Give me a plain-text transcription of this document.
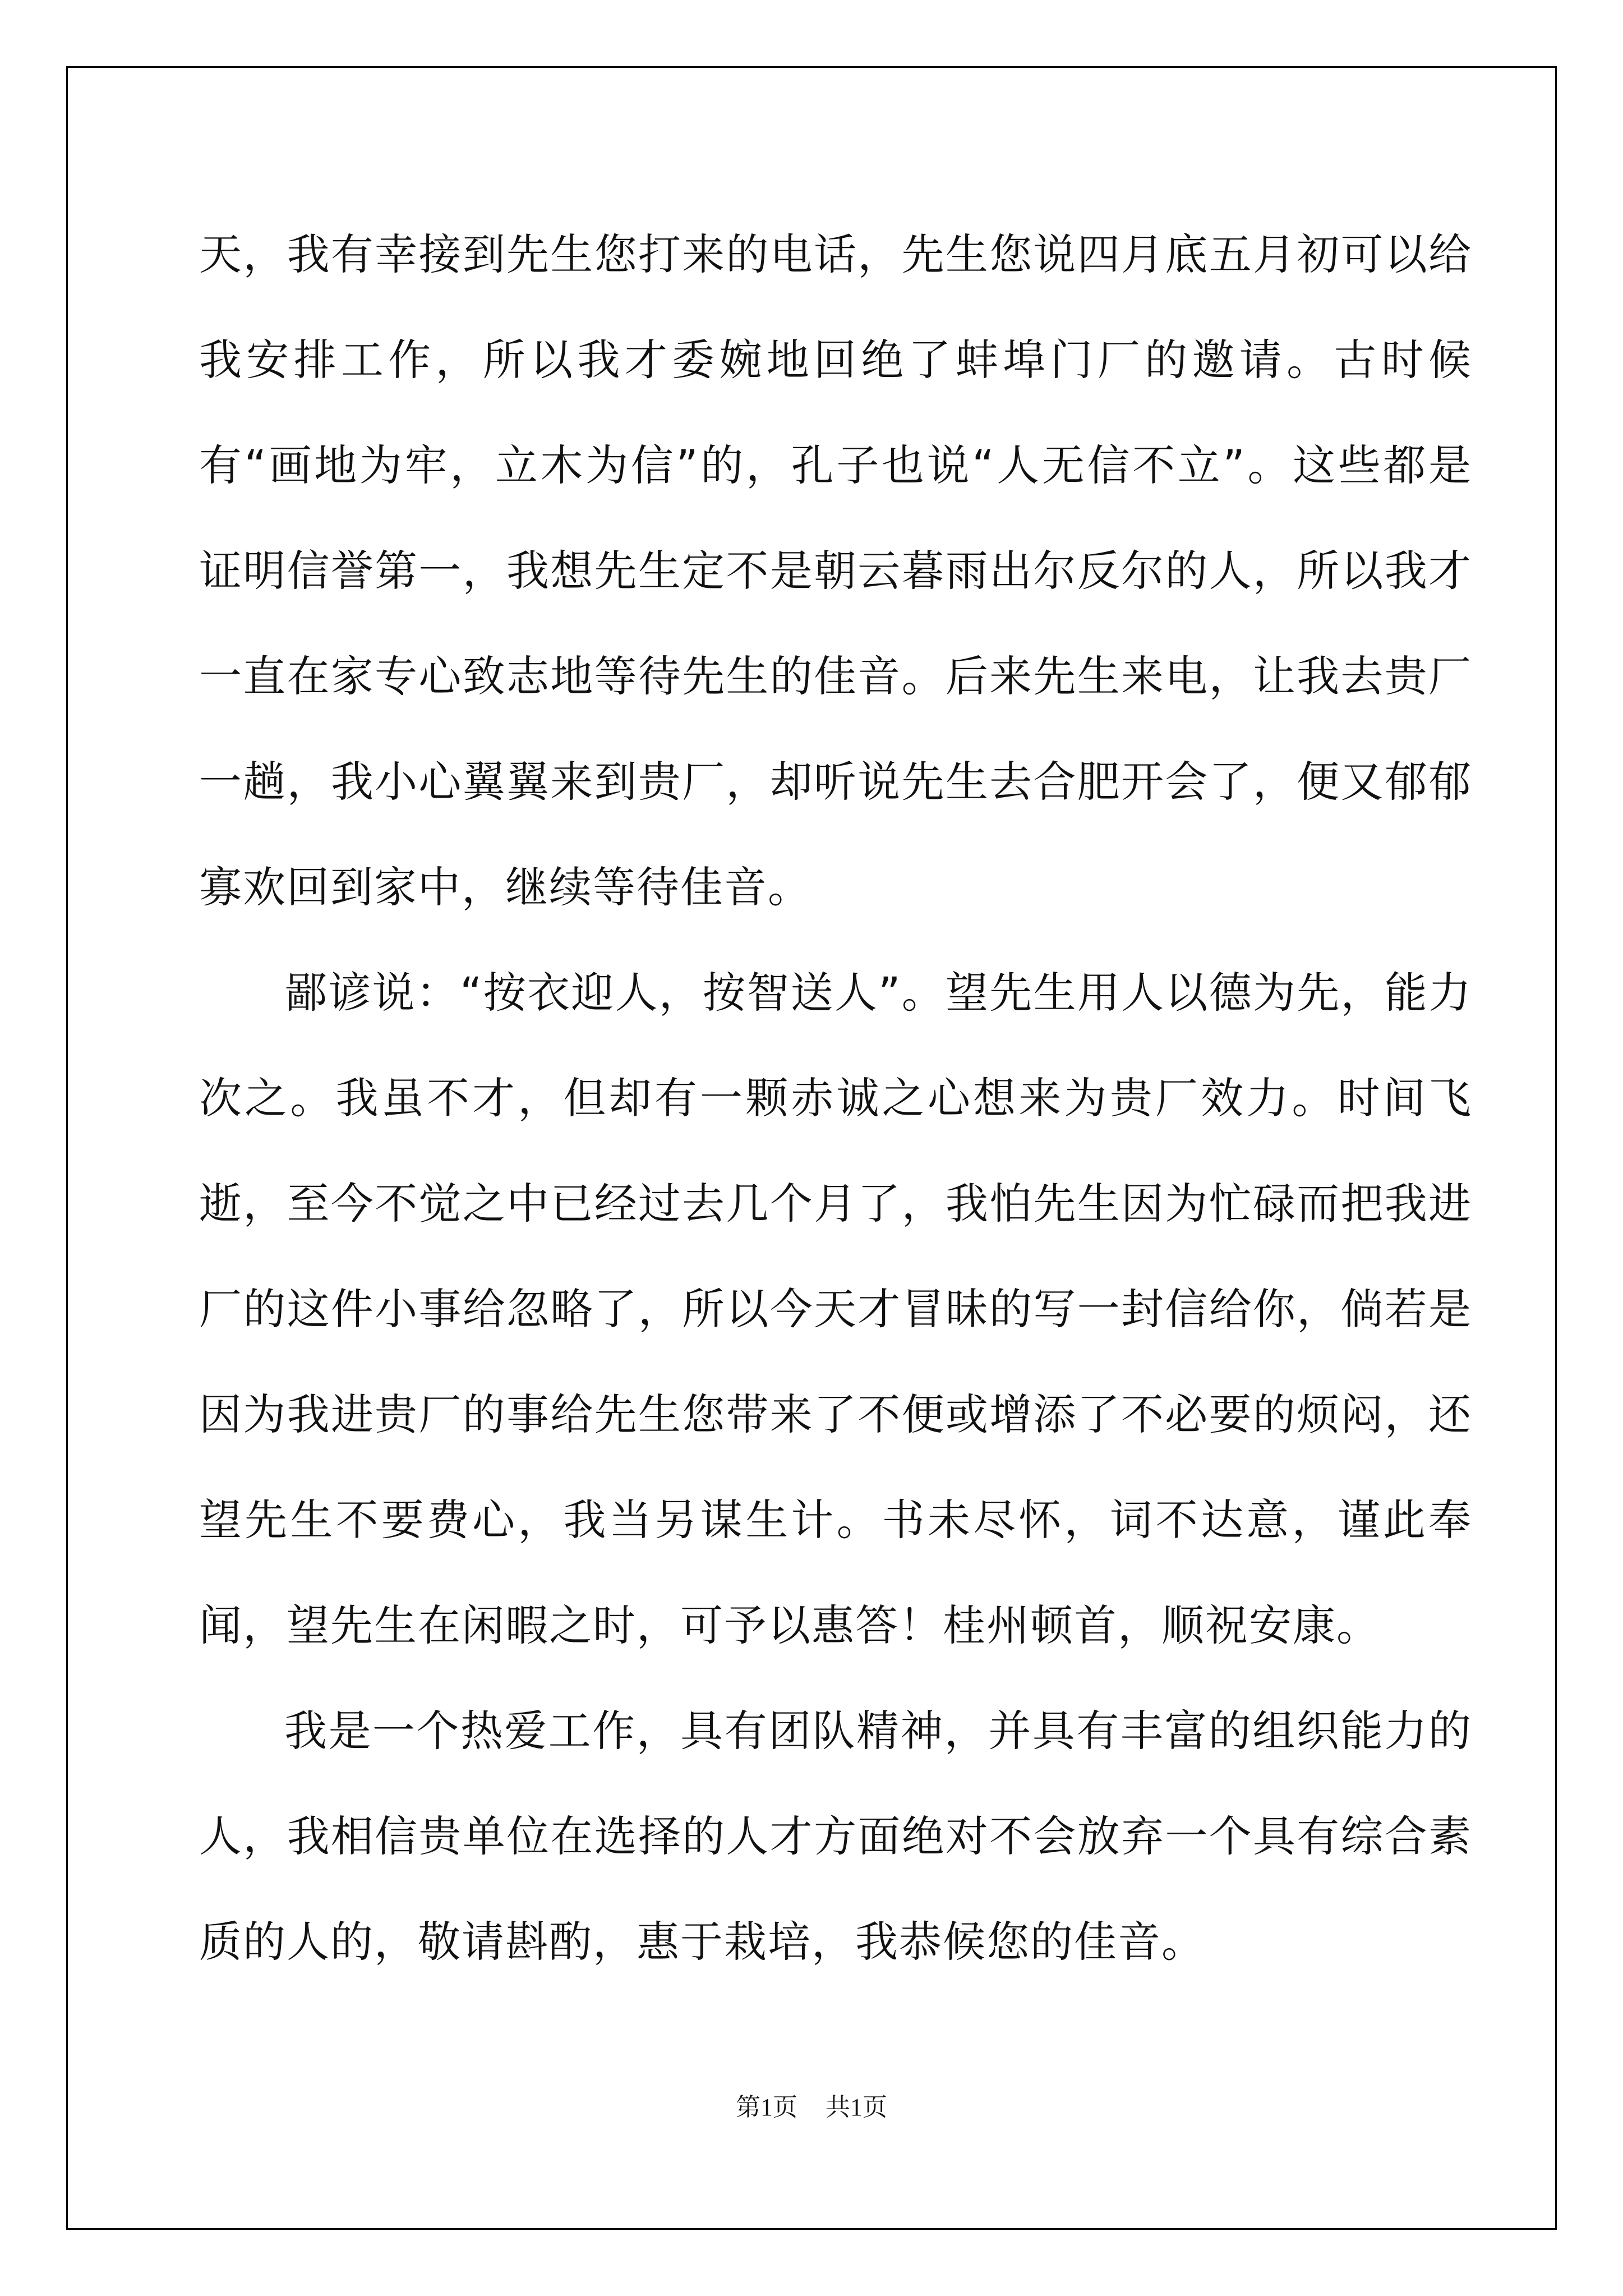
天，我有幸接到先生您打来的电话，先生您说四月底五月初可以给我安排工作，所以我才委婉地回绝了蚌埠门厂的邀请。古时候有“画地为牢，立木为信”的，孔子也说“人无信不立”。这些都是证明信誉第一，我想先生定不是朝云暮雨出尔反尔的人，所以我才一直在家专心致志地等待先生的佳音。后来先生来电，让我去贵厂一趟，我小心翼翼来到贵厂，却听说先生去合肥开会了，便又郁郁寡欢回到家中，继续等待佳音。

鄙谚说：“按衣迎人，按智送人”。望先生用人以德为先，能力次之。我虽不才，但却有一颗赤诚之心想来为贵厂效力。时间飞逝，至今不觉之中已经过去几个月了，我怕先生因为忙碌而把我进厂的这件小事给忽略了，所以今天才冒昧的写一封信给你，倘若是因为我进贵厂的事给先生您带来了不便或增添了不必要的烦闷，还望先生不要费心，我当另谋生计。书未尽怀，词不达意，谨此奉闻，望先生在闲暇之时，可予以惠答！桂州顿首，顺祝安康。

我是一个热爱工作，具有团队精神，并具有丰富的组织能力的人，我相信贵单位在选择的人才方面绝对不会放弃一个具有综合素质的人的，敬请斟酌，惠于栽培，我恭候您的佳音。

第1页 共1页
